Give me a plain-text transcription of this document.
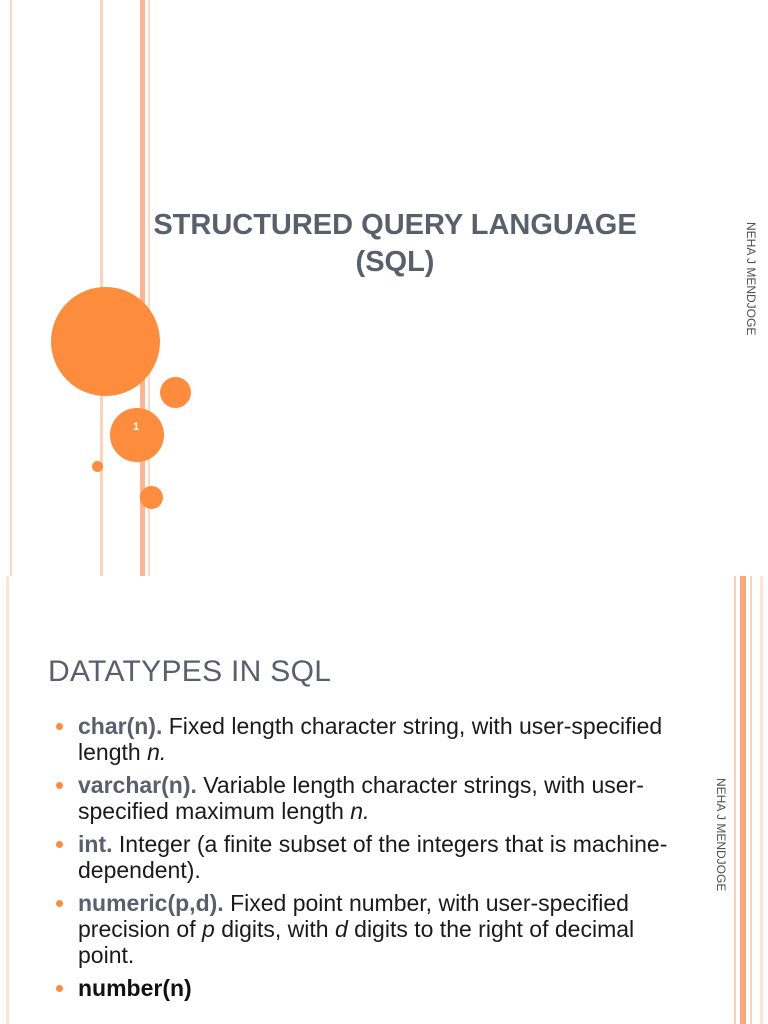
STRUCTURED QUERY LANGUAGE
(SQL)	NEHA J MENDJOGE
1
DATATYPES IN SQL
NEHA J MENDJOGE
char(n). Fixed length character string, with user-specified length n.
varchar(n). Variable length character strings, with user-specified maximum length n.
int. Integer (a finite subset of the integers that is machine-dependent).
numeric(p,d). Fixed point number, with user-specified precision of p digits, with d digits to the right of decimal point.
number(n)
